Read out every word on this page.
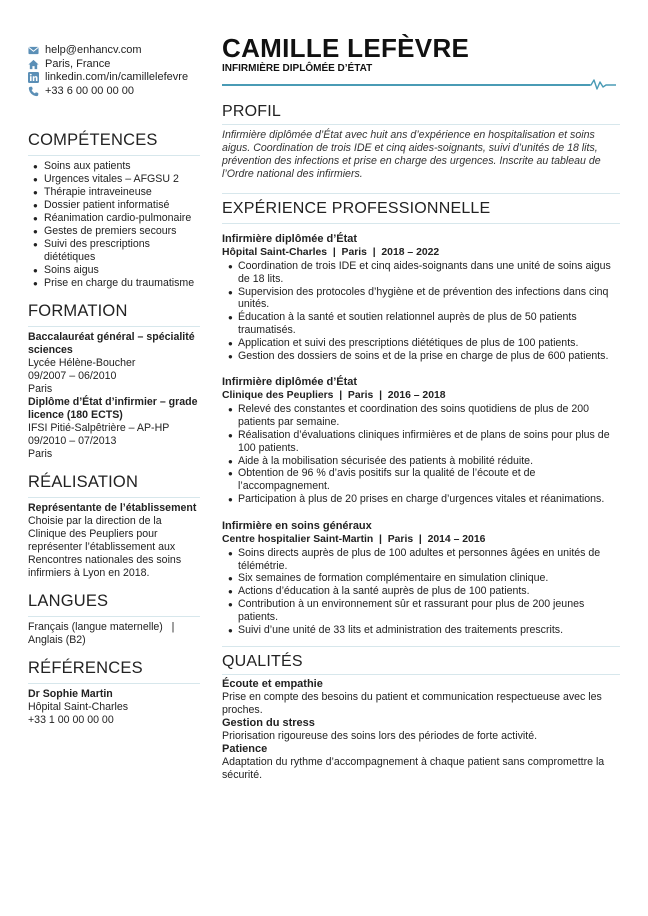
help@enhancv.com
Paris, France
linkedin.com/in/camillelefevre
+33 6 00 00 00 00
COMPÉTENCES
● Soins aux patients
● Urgences vitales – AFGSU 2
● Thérapie intraveineuse
● Dossier patient informatisé
● Réanimation cardio-pulmonaire
● Gestes de premiers secours
● Suivi des prescriptions diététiques
● Soins aigus
● Prise en charge du traumatisme
FORMATION
Baccalauréat général – spécialité sciences
Lycée Hélène-Boucher
09/2007 – 06/2010
Paris
Diplôme d’État d’infirmier – grade licence (180 ECTS)
IFSI Pitié-Salpêtrière – AP-HP
09/2010 – 07/2013
Paris
RÉALISATION
Représentante de l’établissement
Choisie par la direction de la Clinique des Peupliers pour représenter l’établissement aux Rencontres nationales des soins infirmiers à Lyon en 2018.
LANGUES
Français (langue maternelle)   |   Anglais (B2)
RÉFÉRENCES
Dr Sophie Martin
Hôpital Saint-Charles
+33 1 00 00 00 00
CAMILLE LEFÈVRE
INFIRMIÈRE DIPLÔMÉE D’ÉTAT
PROFIL
Infirmière diplômée d’État avec huit ans d’expérience en hospitalisation et soins aigus. Coordination de trois IDE et cinq aides-soignants, suivi d’unités de 18 lits, prévention des infections et prise en charge des urgences. Inscrite au tableau de l’Ordre national des infirmiers.
EXPÉRIENCE PROFESSIONNELLE
Infirmière diplômée d’État
Hôpital Saint-Charles  |  Paris  |  2018 – 2022
● Coordination de trois IDE et cinq aides-soignants dans une unité de soins aigus de 18 lits.
● Supervision des protocoles d’hygiène et de prévention des infections dans cinq unités.
● Éducation à la santé et soutien relationnel auprès de plus de 50 patients traumatisés.
● Application et suivi des prescriptions diététiques de plus de 100 patients.
● Gestion des dossiers de soins et de la prise en charge de plus de 600 patients.
Infirmière diplômée d’État
Clinique des Peupliers  |  Paris  |  2016 – 2018
● Relevé des constantes et coordination des soins quotidiens de plus de 200 patients par semaine.
● Réalisation d’évaluations cliniques infirmières et de plans de soins pour plus de 100 patients.
● Aide à la mobilisation sécurisée des patients à mobilité réduite.
● Obtention de 96 % d’avis positifs sur la qualité de l’écoute et de l’accompagnement.
● Participation à plus de 20 prises en charge d’urgences vitales et réanimations.
Infirmière en soins généraux
Centre hospitalier Saint-Martin  |  Paris  |  2014 – 2016
● Soins directs auprès de plus de 100 adultes et personnes âgées en unités de télémétrie.
● Six semaines de formation complémentaire en simulation clinique.
● Actions d’éducation à la santé auprès de plus de 100 patients.
● Contribution à un environnement sûr et rassurant pour plus de 200 jeunes patients.
● Suivi d’une unité de 33 lits et administration des traitements prescrits.
QUALITÉS
Écoute et empathie
Prise en compte des besoins du patient et communication respectueuse avec les proches.
Gestion du stress
Priorisation rigoureuse des soins lors des périodes de forte activité.
Patience
Adaptation du rythme d’accompagnement à chaque patient sans compromettre la sécurité.
